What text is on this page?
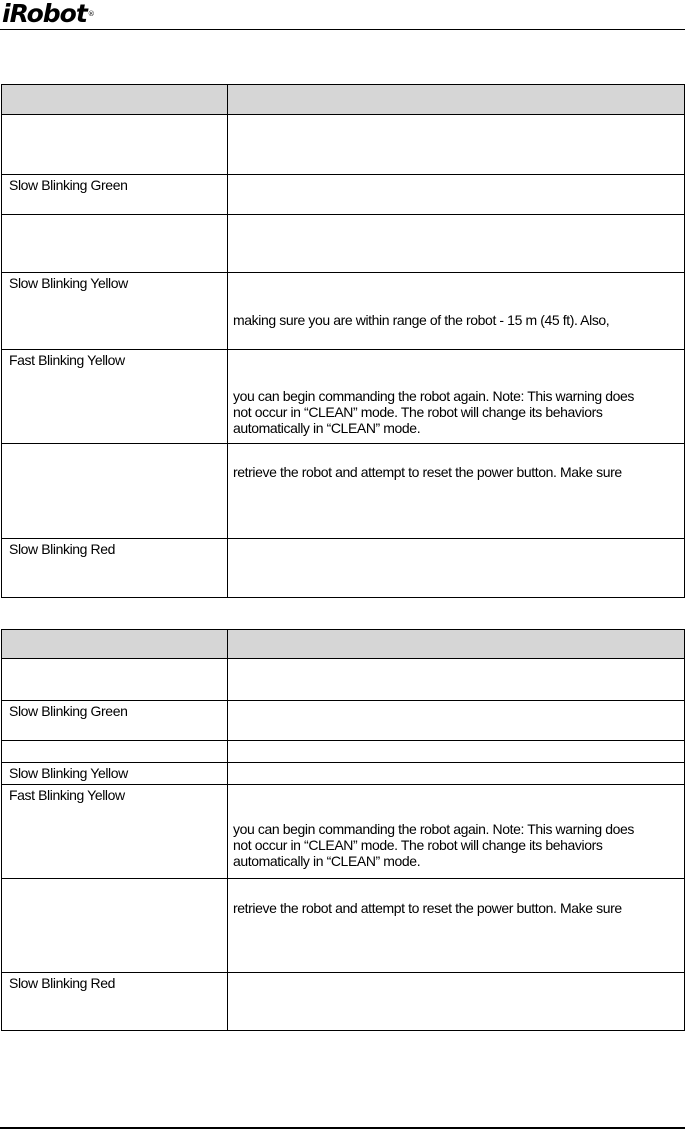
iRobot®

Slow Blinking Green	

Slow Blinking Yellow	making sure you are within range of the robot - 15 m (45 ft). Also,

Fast Blinking Yellow	you can begin commanding the robot again. Note: This warning does
not occur in “CLEAN” mode. The robot will change its behaviors
automatically in “CLEAN” mode.

	retrieve the robot and attempt to reset the power button. Make sure

Slow Blinking Red	

Slow Blinking Green	

Slow Blinking Yellow	
Fast Blinking Yellow	you can begin commanding the robot again. Note: This warning does
not occur in “CLEAN” mode. The robot will change its behaviors
automatically in “CLEAN” mode.

	retrieve the robot and attempt to reset the power button. Make sure

Slow Blinking Red	
